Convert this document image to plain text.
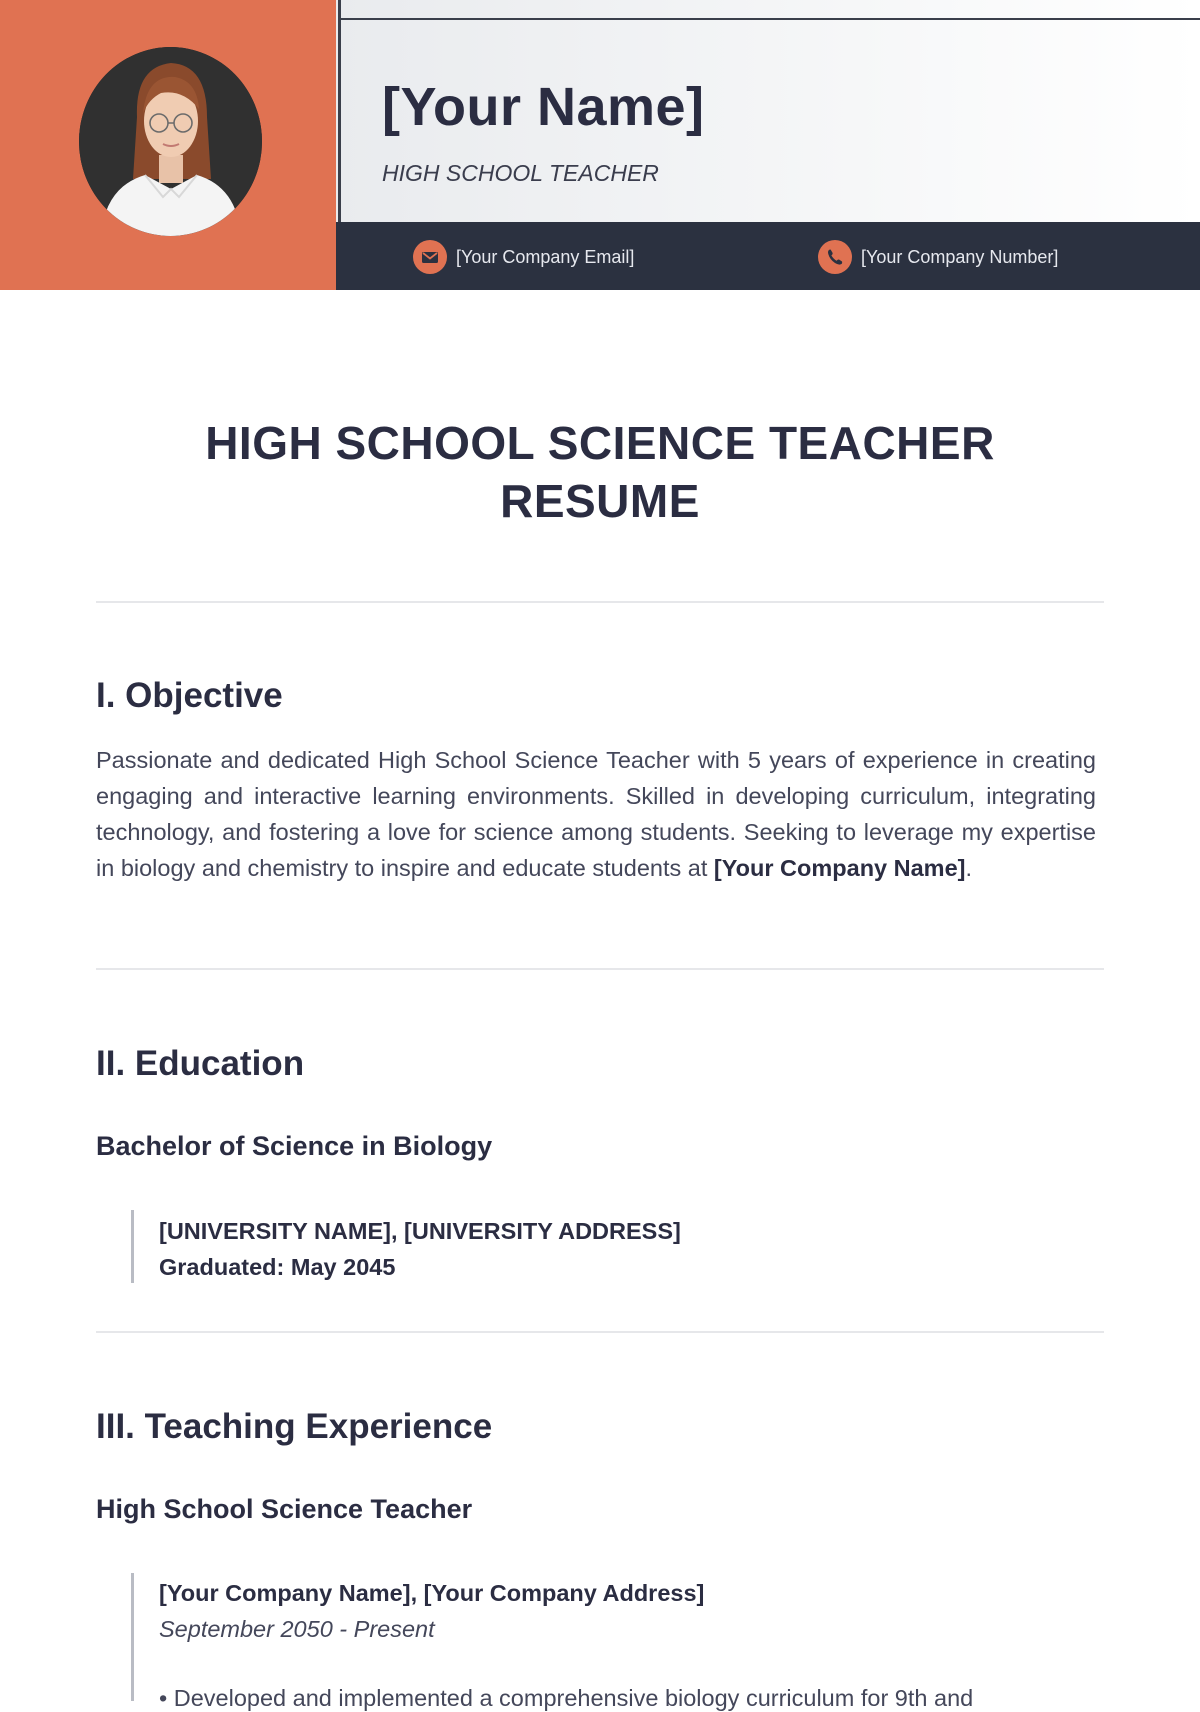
[Your Name]
HIGH SCHOOL TEACHER
[Your Company Email]	[Your Company Number]
HIGH SCHOOL SCIENCE TEACHER
RESUME
I. Objective
Passionate and dedicated High School Science Teacher with 5 years of experience in creating engaging and interactive learning environments. Skilled in developing curriculum, integrating technology, and fostering a love for science among students. Seeking to leverage my expertise in biology and chemistry to inspire and educate students at [Your Company Name].
II. Education
Bachelor of Science in Biology
[UNIVERSITY NAME], [UNIVERSITY ADDRESS]
Graduated: May 2045
III. Teaching Experience
High School Science Teacher
[Your Company Name], [Your Company Address]
September 2050 - Present
• Developed and implemented a comprehensive biology curriculum for 9th and
